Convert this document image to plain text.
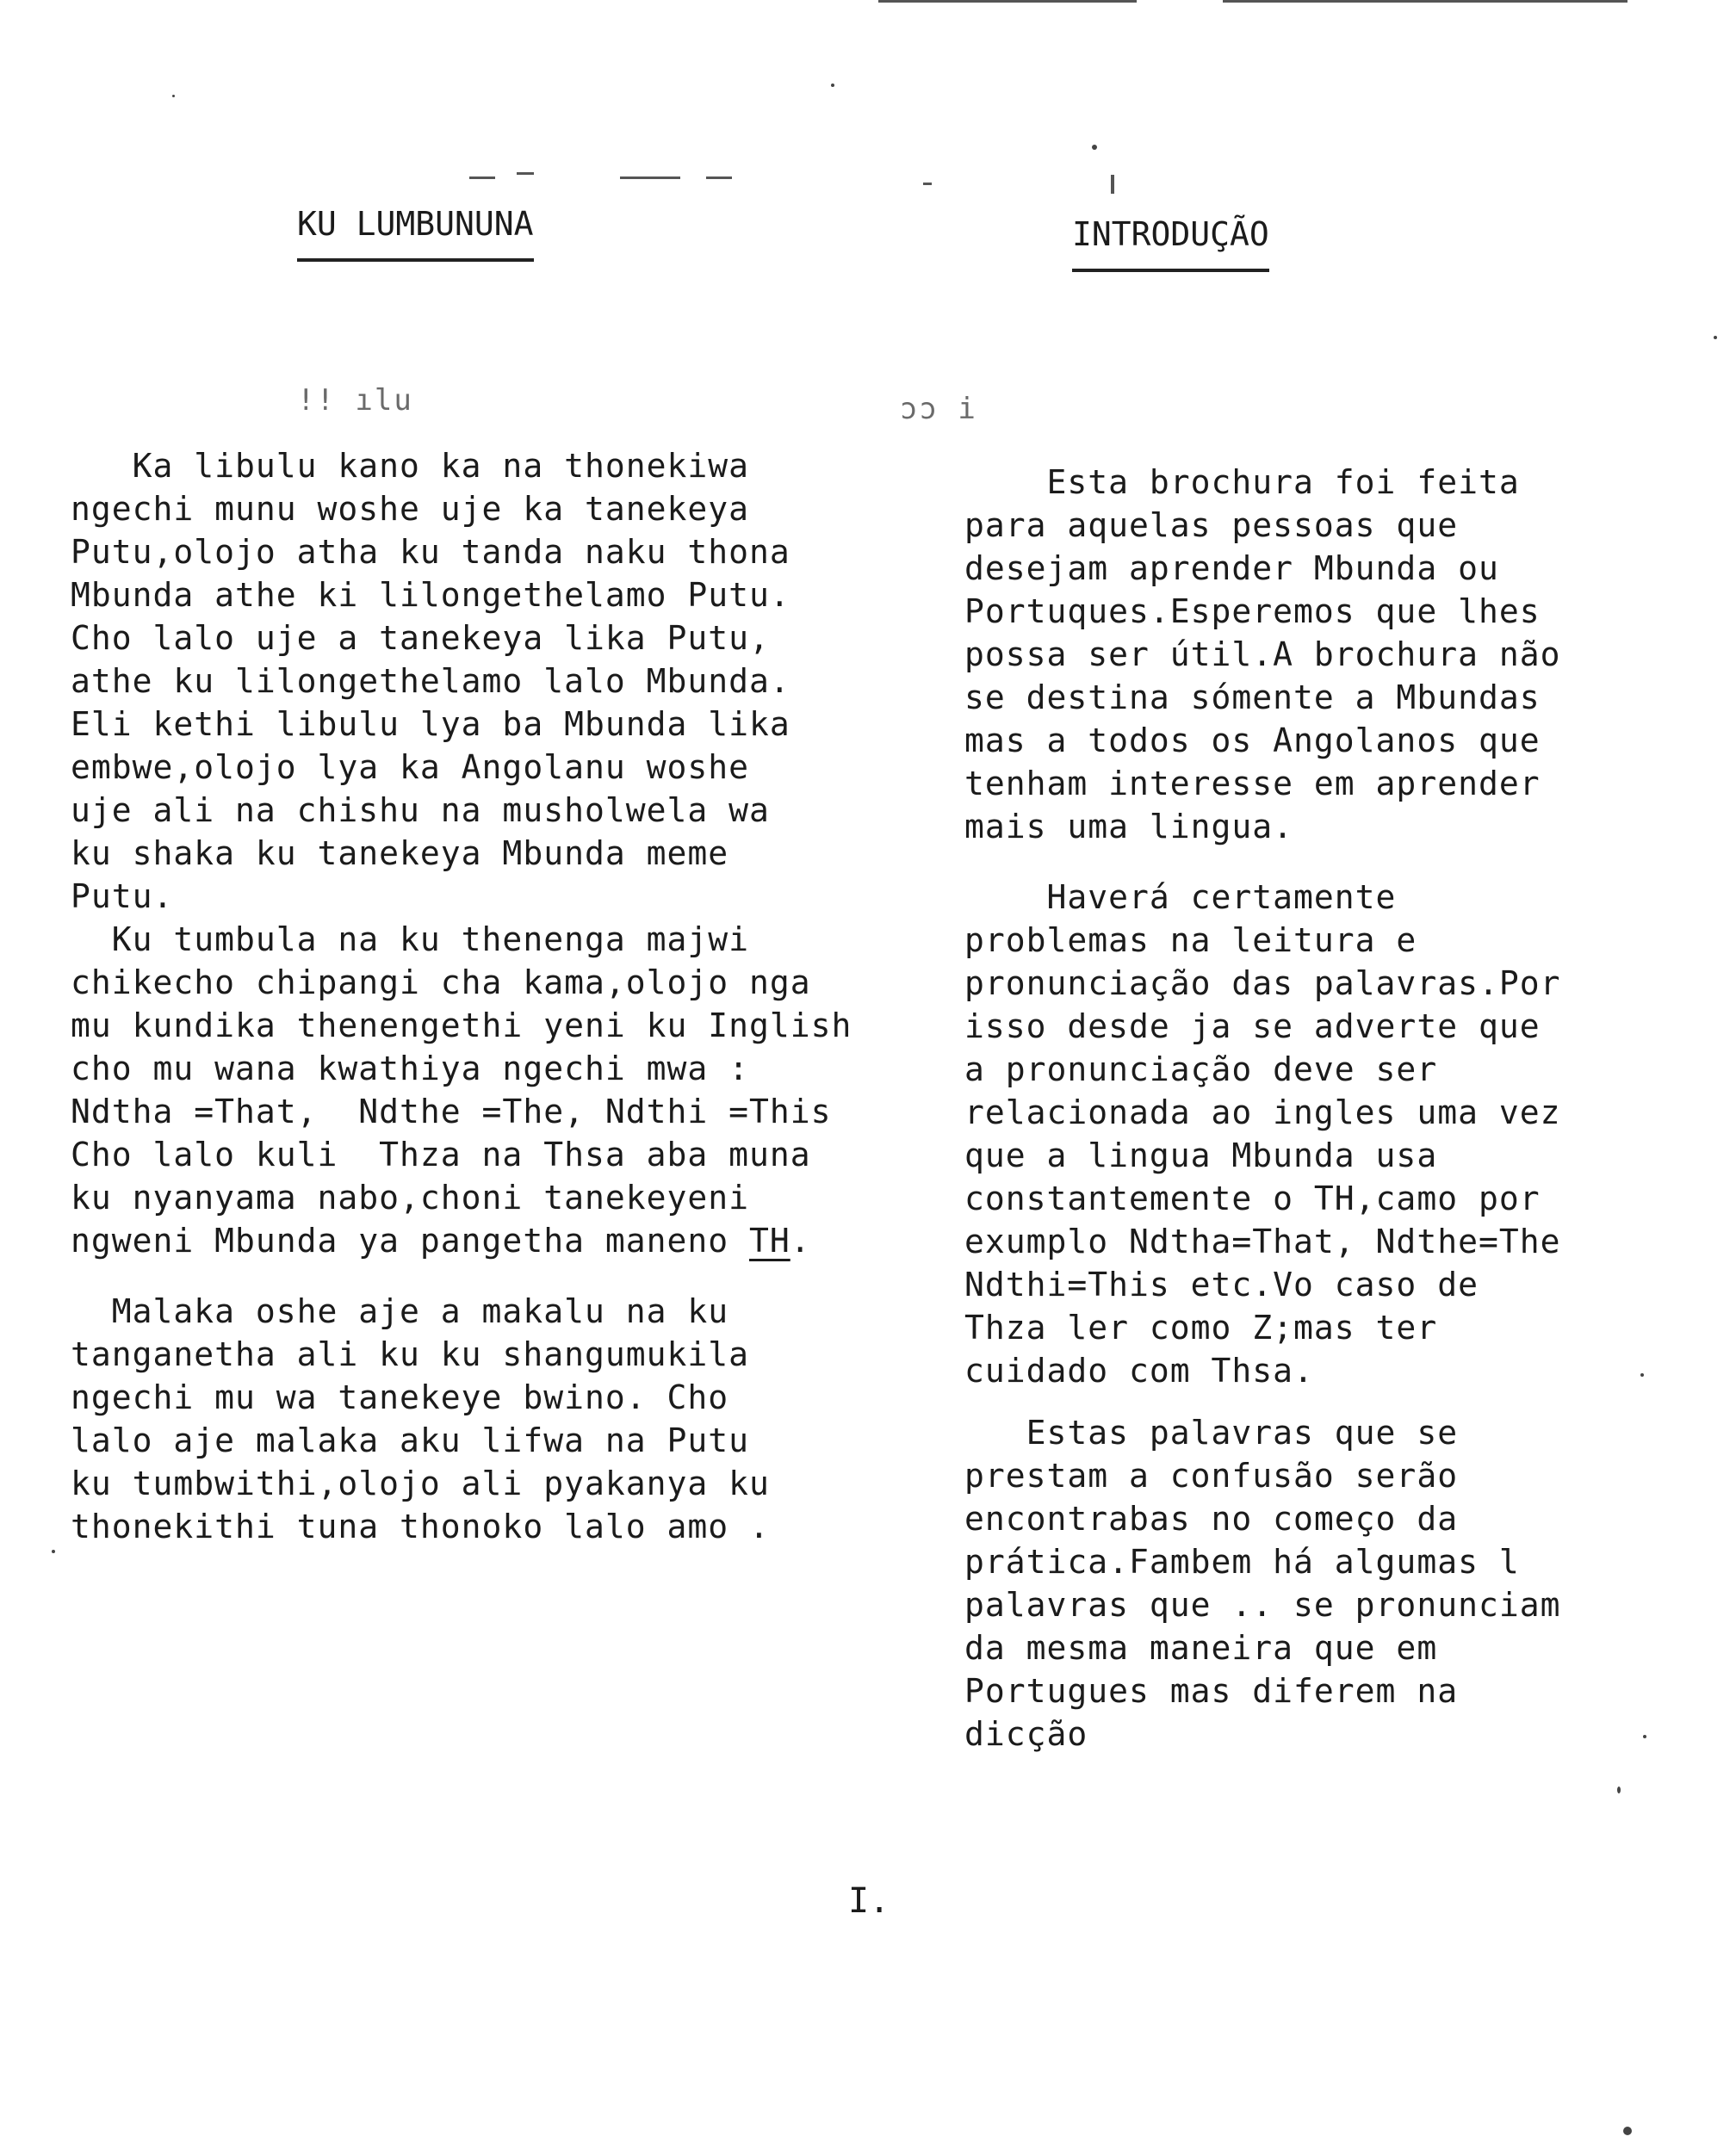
KU LUMBUNUNA	INTRODUÇÃO
!! ılu	ɔɔ i
Ka libulu kano ka na thonekiwa
ngechi munu woshe uje ka tanekeya
Putu,olojo atha ku tanda naku thona
Mbunda athe ki lilongethelamo Putu.
Cho lalo uje a tanekeya lika Putu,
athe ku lilongethelamo lalo Mbunda.
Eli kethi libulu lya ba Mbunda lika
embwe,olojo lya ka Angolanu woshe
uje ali na chishu na musholwela wa
ku shaka ku tanekeya Mbunda meme
Putu.
Ku tumbula na ku thenenga majwi
chikecho chipangi cha kama,olojo nga
mu kundika thenengethi yeni ku Inglish
cho mu wana kwathiya ngechi mwa :
Ndtha =That,  Ndthe =The, Ndthi =This
Cho lalo kuli  Thza na Thsa aba muna
ku nyanyama nabo,choni tanekeyeni
ngweni Mbunda ya pangetha maneno TH.
Malaka oshe aje a makalu na ku
tanganetha ali ku ku shangumukila
ngechi mu wa tanekeye bwino. Cho
lalo aje malaka aku lifwa na Putu
ku tumbwithi,olojo ali pyakanya ku
thonekithi tuna thonoko lalo amo .
Esta brochura foi feita
para aquelas pessoas que
desejam aprender Mbunda ou
Portuques.Esperemos que lhes
possa ser útil.A brochura não
se destina sómente a Mbundas
mas a todos os Angolanos que
tenham interesse em aprender
mais uma lingua.
Haverá certamente
problemas na leitura e
pronunciação das palavras.Por
isso desde ja se adverte que
a pronunciação deve ser
relacionada ao ingles uma vez
que a lingua Mbunda usa
constantemente o TH,camo por
exumplo Ndtha=That, Ndthe=The
Ndthi=This etc.Vo caso de
Thza ler como Z;mas ter
cuidado com Thsa.
Estas palavras que se
prestam a confusão serão
encontrabas no começo da
prática.Fambem há algumas l
palavras que .. se pronunciam
da mesma maneira que em
Portugues mas diferem na
dicção
I.
